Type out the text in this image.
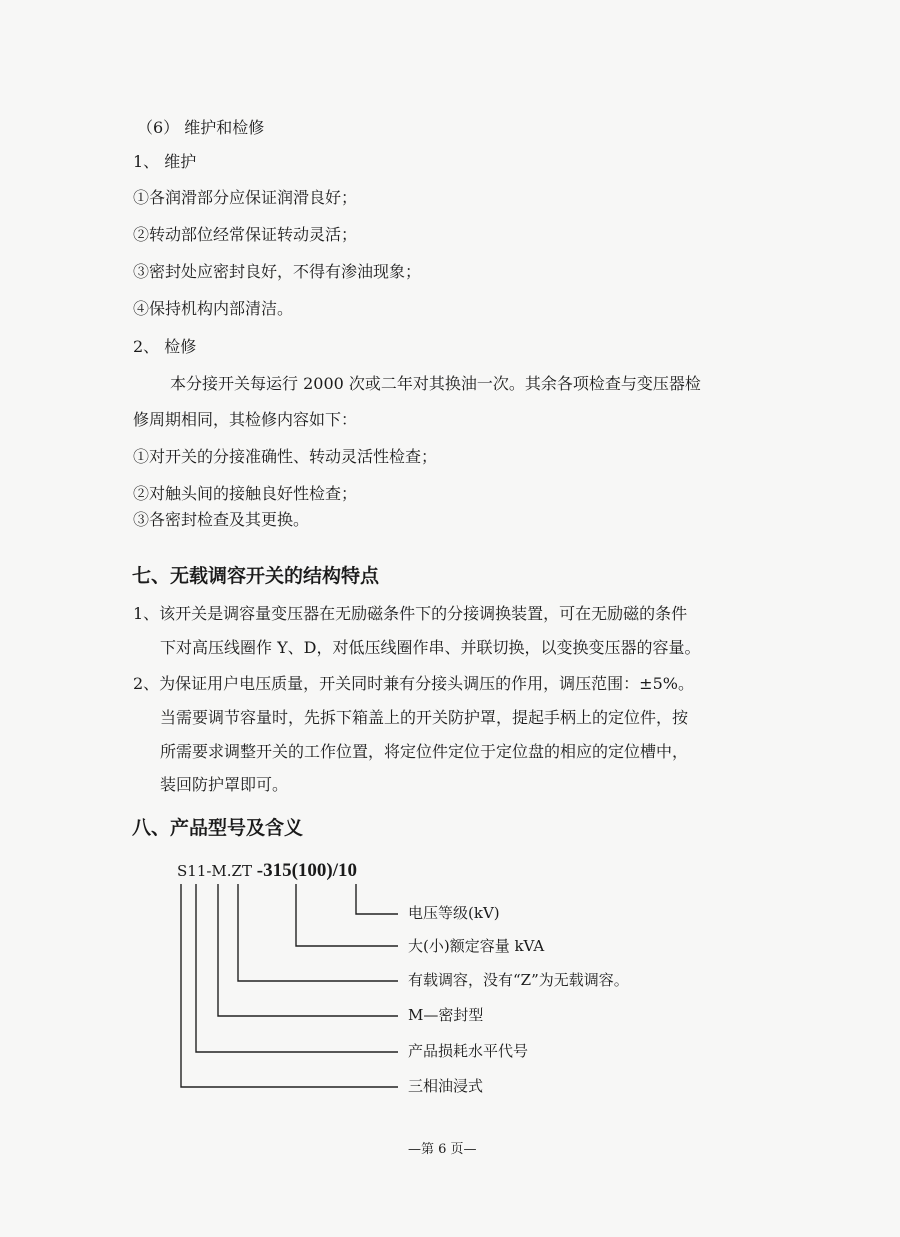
（6） 维护和检修
1、 维护
①各润滑部分应保证润滑良好；
②转动部位经常保证转动灵活；
③密封处应密封良好，不得有渗油现象；
④保持机构内部清洁。
2、 检修
本分接开关每运行 2000 次或二年对其换油一次。其余各项检查与变压器检
修周期相同，其检修内容如下：
①对开关的分接准确性、转动灵活性检查；
②对触头间的接触良好性检查；
③各密封检查及其更换。
七、无载调容开关的结构特点
1、该开关是调容量变压器在无励磁条件下的分接调换装置，可在无励磁的条件
下对高压线圈作 Y、D，对低压线圈作串、并联切换，以变换变压器的容量。
2、为保证用户电压质量，开关同时兼有分接头调压的作用，调压范围：±5%。
当需要调节容量时，先拆下箱盖上的开关防护罩，提起手柄上的定位件，按
所需要求调整开关的工作位置，将定位件定位于定位盘的相应的定位槽中，
装回防护罩即可。
八、产品型号及含义
S11-M.ZT -315(100)/10
电压等级(kV)
大(小)额定容量 kVA
有载调容，没有“Z”为无载调容。
M—密封型
产品损耗水平代号
三相油浸式
—第 6 页—
